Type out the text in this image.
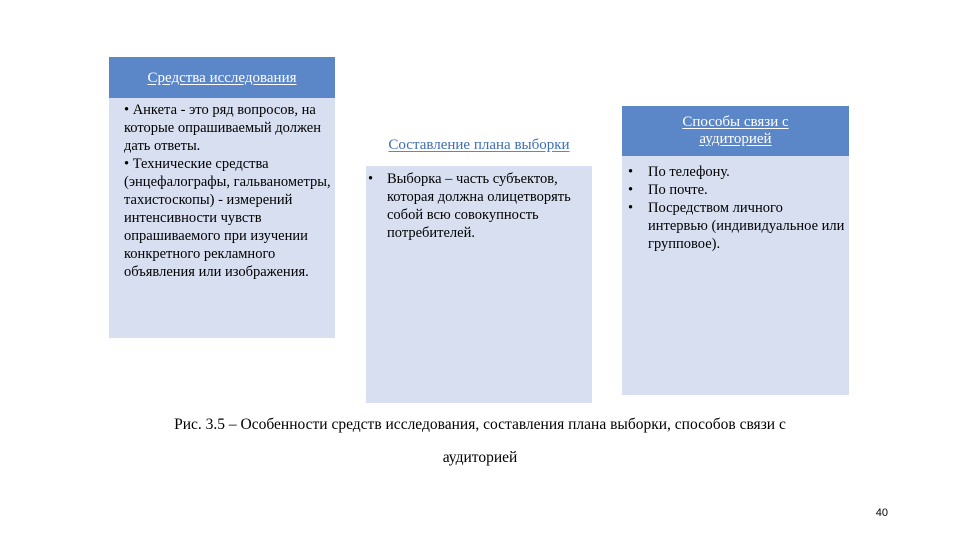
Средства исследования
• Анкета - это ряд вопросов, на которые опрашиваемый должен дать ответы.
• Технические средства (энцефалографы, гальванометры, тахистоскопы) - измерений интенсивности чувств опрашиваемого при изучении конкретного рекламного объявления или изображения.
Составление плана выборки
• Выборка – часть субъектов, которая должна олицетворять собой всю совокупность потребителей.
Способы связи с
аудиторией
• По телефону.
• По почте.
• Посредством личного интервью (индивидуальное или групповое).
Рис. 3.5 – Особенности средств исследования, составления плана выборки, способов связи с
аудиторией
40
